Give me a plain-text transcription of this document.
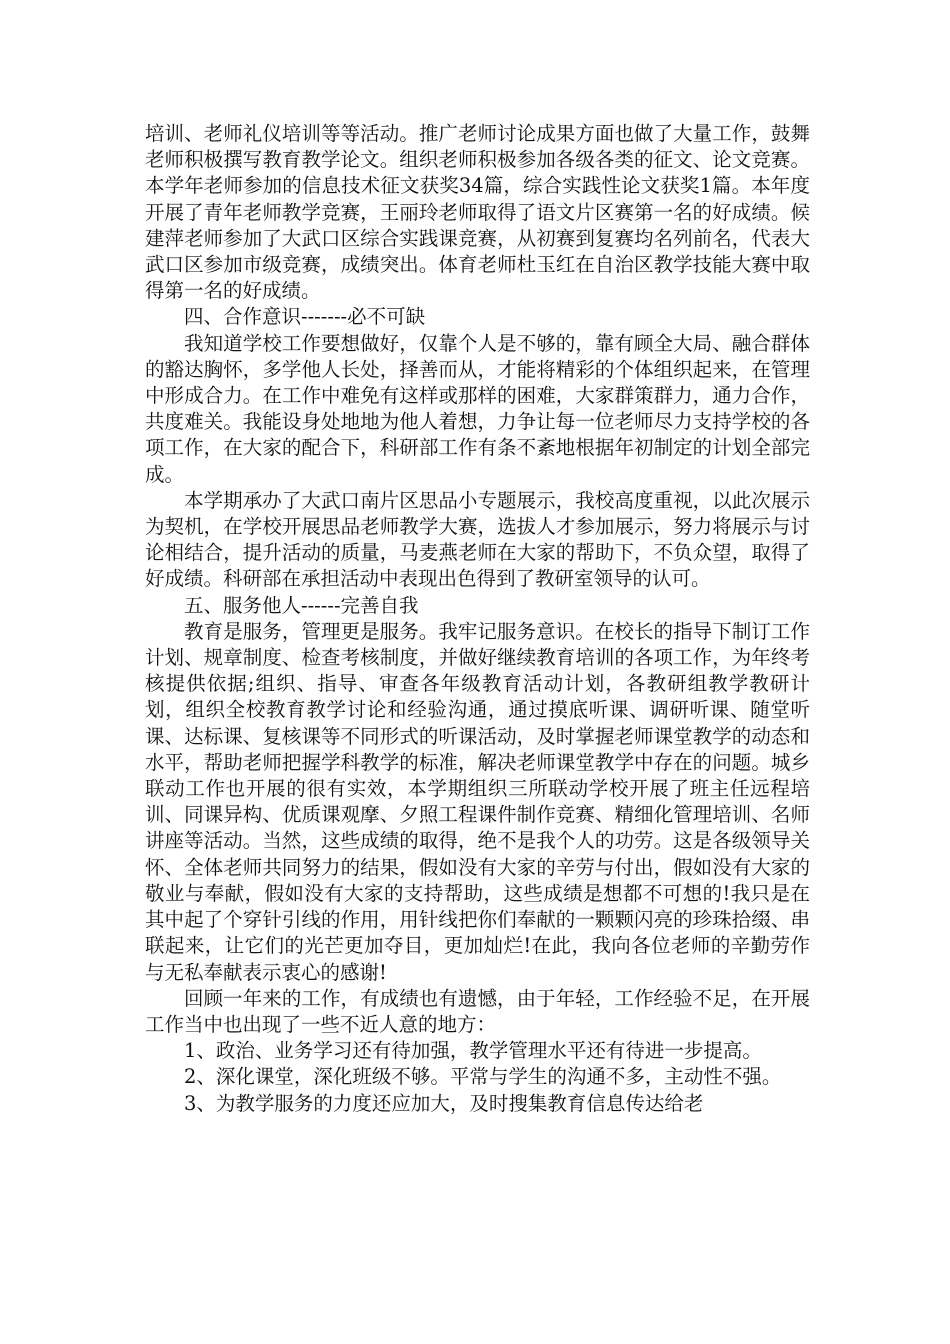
培训、老师礼仪培训等等活动。推广老师讨论成果方面也做了大量工作，鼓舞老师积极撰写教育教学论文。组织老师积极参加各级各类的征文、论文竞赛。本学年老师参加的信息技术征文获奖34篇，综合实践性论文获奖1篇。本年度开展了青年老师教学竞赛，王丽玲老师取得了语文片区赛第一名的好成绩。候建萍老师参加了大武口区综合实践课竞赛，从初赛到复赛均名列前名，代表大武口区参加市级竞赛，成绩突出。体育老师杜玉红在自治区教学技能大赛中取得第一名的好成绩。

四、合作意识-------必不可缺

我知道学校工作要想做好，仅靠个人是不够的，靠有顾全大局、融合群体的豁达胸怀，多学他人长处，择善而从，才能将精彩的个体组织起来，在管理中形成合力。在工作中难免有这样或那样的困难，大家群策群力，通力合作，共度难关。我能设身处地地为他人着想，力争让每一位老师尽力支持学校的各项工作，在大家的配合下，科研部工作有条不紊地根据年初制定的计划全部完成。

本学期承办了大武口南片区思品小专题展示，我校高度重视，以此次展示为契机，在学校开展思品老师教学大赛，选拔人才参加展示，努力将展示与讨论相结合，提升活动的质量，马麦燕老师在大家的帮助下，不负众望，取得了好成绩。科研部在承担活动中表现出色得到了教研室领导的认可。

五、服务他人------完善自我

教育是服务，管理更是服务。我牢记服务意识。在校长的指导下制订工作计划、规章制度、检查考核制度，并做好继续教育培训的各项工作，为年终考核提供依据;组织、指导、审查各年级教育活动计划，各教研组教学教研计划，组织全校教育教学讨论和经验沟通，通过摸底听课、调研听课、随堂听课、达标课、复核课等不同形式的听课活动，及时掌握老师课堂教学的动态和水平，帮助老师把握学科教学的标准，解决老师课堂教学中存在的问题。城乡联动工作也开展的很有实效，本学期组织三所联动学校开展了班主任远程培训、同课异构、优质课观摩、夕照工程课件制作竞赛、精细化管理培训、名师讲座等活动。当然，这些成绩的取得，绝不是我个人的功劳。这是各级领导关怀、全体老师共同努力的结果，假如没有大家的辛劳与付出，假如没有大家的敬业与奉献，假如没有大家的支持帮助，这些成绩是想都不可想的!我只是在其中起了个穿针引线的作用，用针线把你们奉献的一颗颗闪亮的珍珠拾缀、串联起来，让它们的光芒更加夺目，更加灿烂!在此，我向各位老师的辛勤劳作与无私奉献表示衷心的感谢!

回顾一年来的工作，有成绩也有遗憾，由于年轻，工作经验不足，在开展工作当中也出现了一些不近人意的地方：

1、政治、业务学习还有待加强，教学管理水平还有待进一步提高。

2、深化课堂，深化班级不够。平常与学生的沟通不多，主动性不强。

3、为教学服务的力度还应加大，及时搜集教育信息传达给老
